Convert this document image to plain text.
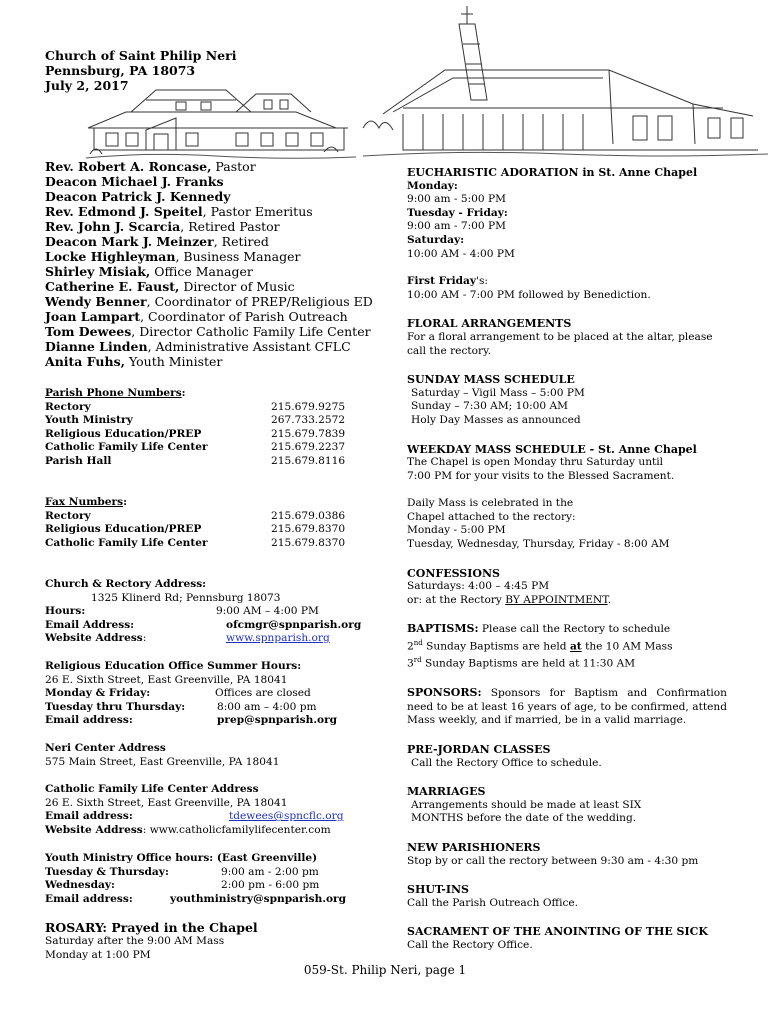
Church of Saint Philip Neri
Pennsburg, PA 18073
July 2, 2017
Rev. Robert A. Roncase, Pastor
Deacon Michael J. Franks
Deacon Patrick J. Kennedy
Rev. Edmond J. Speitel, Pastor Emeritus
Rev. John J. Scarcia, Retired Pastor
Deacon Mark J. Meinzer, Retired
Locke Highleyman, Business Manager
Shirley Misiak, Office Manager
Catherine E. Faust, Director of Music
Wendy Benner, Coordinator of PREP/Religious ED
Joan Lampart, Coordinator of Parish Outreach
Tom Dewees, Director Catholic Family Life Center
Dianne Linden, Administrative Assistant CFLC
Anita Fuhs, Youth Minister
Parish Phone Numbers:
Rectory	215.679.9275
Youth Ministry	267.733.2572
Religious Education/PREP	215.679.7839
Catholic Family Life Center	215.679.2237
Parish Hall	215.679.8116
Fax Numbers:
Rectory	215.679.0386
Religious Education/PREP	215.679.8370
Catholic Family Life Center	215.679.8370
Church & Rectory Address:
1325 Klinerd Rd; Pennsburg 18073
Hours:	9:00 AM – 4:00 PM
Email Address:	ofcmgr@spnparish.org
Website Address:	www.spnparish.org
Religious Education Office Summer Hours:
26 E. Sixth Street, East Greenville, PA 18041
Monday & Friday:	Offices are closed
Tuesday thru Thursday:	8:00 am – 4:00 pm
Email address:	prep@spnparish.org
Neri Center Address
575 Main Street, East Greenville, PA 18041
Catholic Family Life Center Address
26 E. Sixth Street, East Greenville, PA 18041
Email address:	tdewees@spncflc.org
Website Address: www.catholicfamilylifecenter.com
Youth Ministry Office hours: (East Greenville)
Tuesday & Thursday:	9:00 am - 2:00 pm
Wednesday:	2:00 pm - 6:00 pm
Email address:	youthministry@spnparish.org
ROSARY: Prayed in the Chapel
Saturday after the 9:00 AM Mass
Monday at 1:00 PM
EUCHARISTIC ADORATION in St. Anne Chapel
Monday:
9:00 am - 5:00 PM
Tuesday - Friday:
9:00 am - 7:00 PM
Saturday:
10:00 AM - 4:00 PM
First Friday's:
10:00 AM - 7:00 PM followed by Benediction.
FLORAL ARRANGEMENTS
For a floral arrangement to be placed at the altar, please call the rectory.
SUNDAY MASS SCHEDULE
Saturday – Vigil Mass – 5:00 PM
Sunday – 7:30 AM; 10:00 AM
Holy Day Masses as announced
WEEKDAY MASS SCHEDULE - St. Anne Chapel
The Chapel is open Monday thru Saturday until
7:00 PM for your visits to the Blessed Sacrament.
Daily Mass is celebrated in the
Chapel attached to the rectory:
Monday - 5:00 PM
Tuesday, Wednesday, Thursday, Friday - 8:00 AM
CONFESSIONS
Saturdays: 4:00 – 4:45 PM
or: at the Rectory BY APPOINTMENT.
BAPTISMS: Please call the Rectory to schedule
2nd Sunday Baptisms are held at the 10 AM Mass
3rd Sunday Baptisms are held at 11:30 AM
SPONSORS: Sponsors for Baptism and Confirmation need to be at least 16 years of age, to be confirmed, attend Mass weekly, and if married, be in a valid marriage.
PRE-JORDAN CLASSES
Call the Rectory Office to schedule.
MARRIAGES
Arrangements should be made at least SIX
MONTHS before the date of the wedding.
NEW PARISHIONERS
Stop by or call the rectory between 9:30 am - 4:30 pm
SHUT-INS
Call the Parish Outreach Office.
SACRAMENT OF THE ANOINTING OF THE SICK
Call the Rectory Office.
059-St. Philip Neri, page 1
